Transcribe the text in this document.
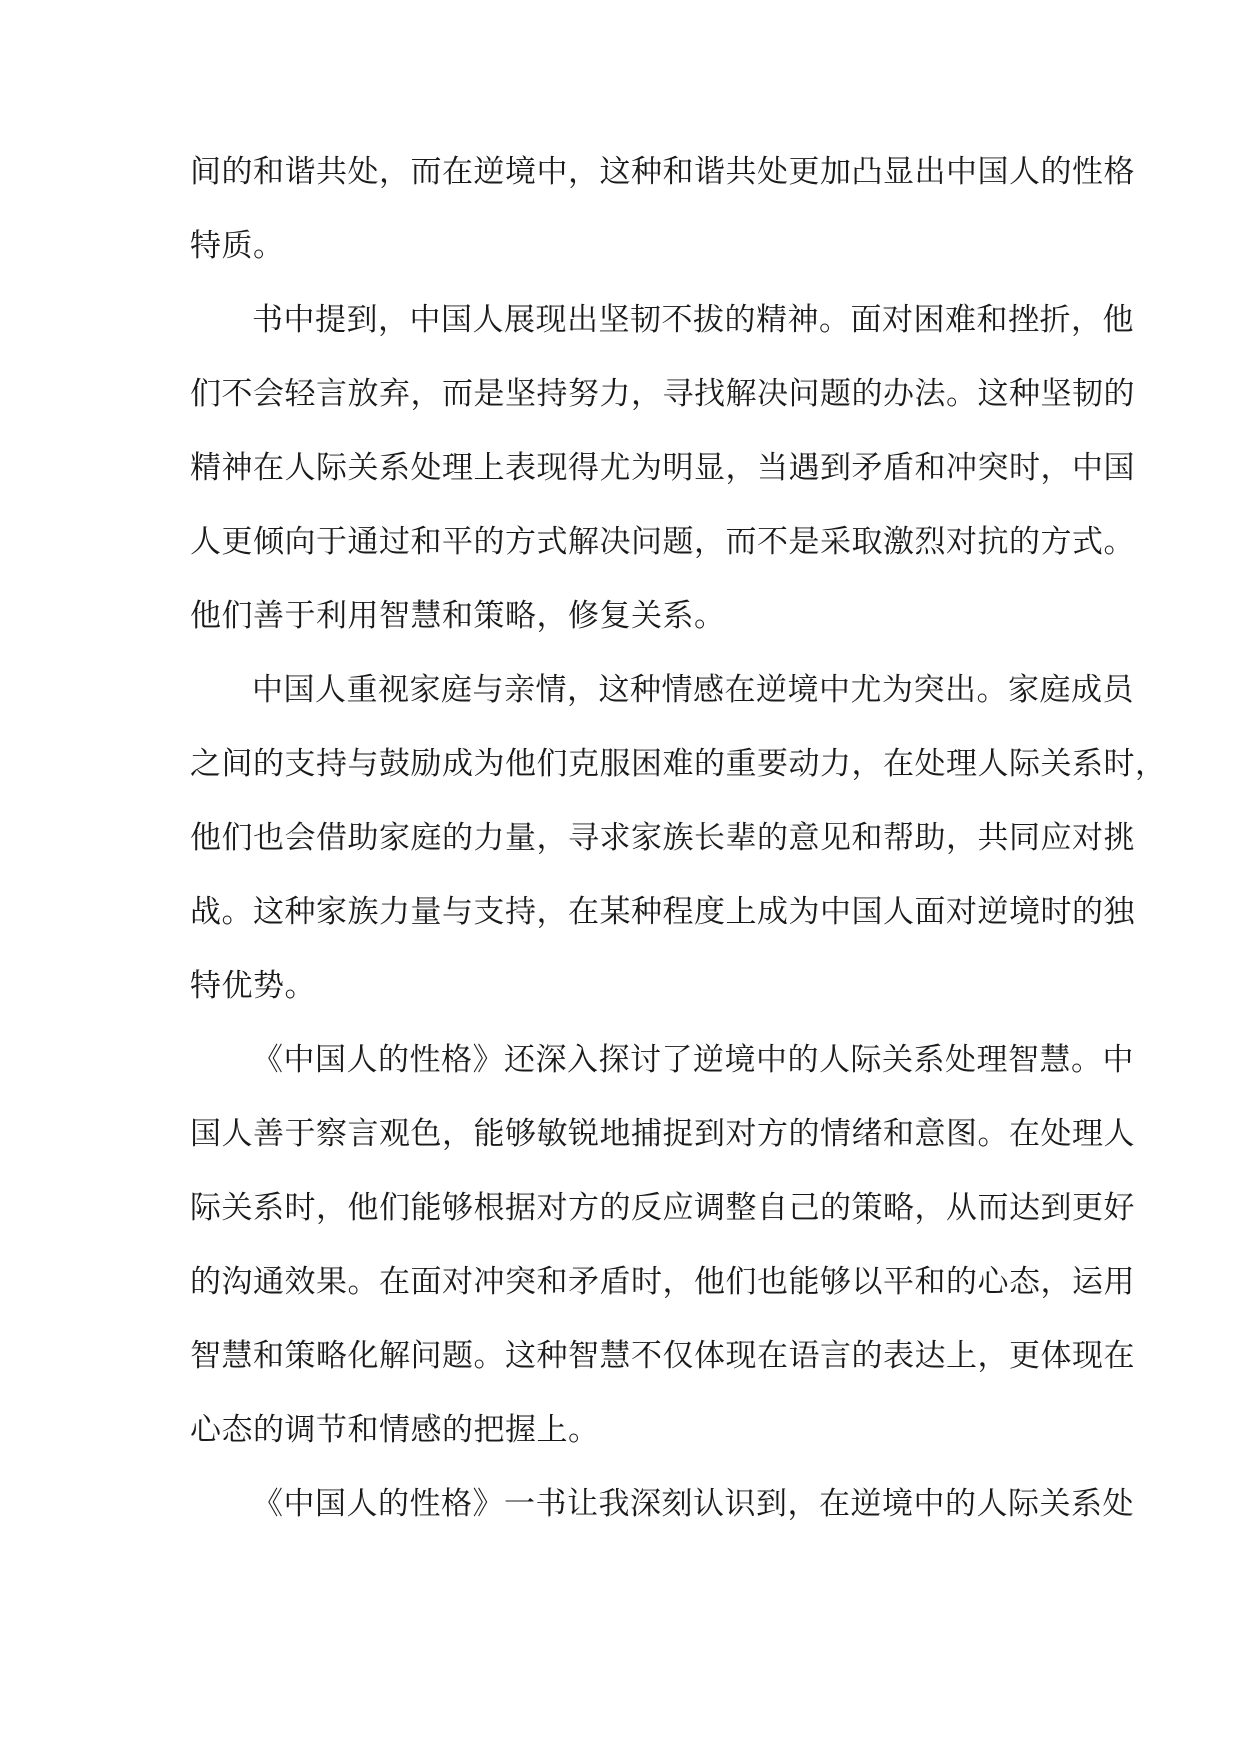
间的和谐共处，而在逆境中，这种和谐共处更加凸显出中国人的性格
特质。
书中提到，中国人展现出坚韧不拔的精神。面对困难和挫折，他
们不会轻言放弃，而是坚持努力，寻找解决问题的办法。这种坚韧的
精神在人际关系处理上表现得尤为明显，当遇到矛盾和冲突时，中国
人更倾向于通过和平的方式解决问题，而不是采取激烈对抗的方式。
他们善于利用智慧和策略，修复关系。
中国人重视家庭与亲情，这种情感在逆境中尤为突出。家庭成员
之间的支持与鼓励成为他们克服困难的重要动力，在处理人际关系时，
他们也会借助家庭的力量，寻求家族长辈的意见和帮助，共同应对挑
战。这种家族力量与支持，在某种程度上成为中国人面对逆境时的独
特优势。
《中国人的性格》还深入探讨了逆境中的人际关系处理智慧。中
国人善于察言观色，能够敏锐地捕捉到对方的情绪和意图。在处理人
际关系时，他们能够根据对方的反应调整自己的策略，从而达到更好
的沟通效果。在面对冲突和矛盾时，他们也能够以平和的心态，运用
智慧和策略化解问题。这种智慧不仅体现在语言的表达上，更体现在
心态的调节和情感的把握上。
《中国人的性格》一书让我深刻认识到，在逆境中的人际关系处
